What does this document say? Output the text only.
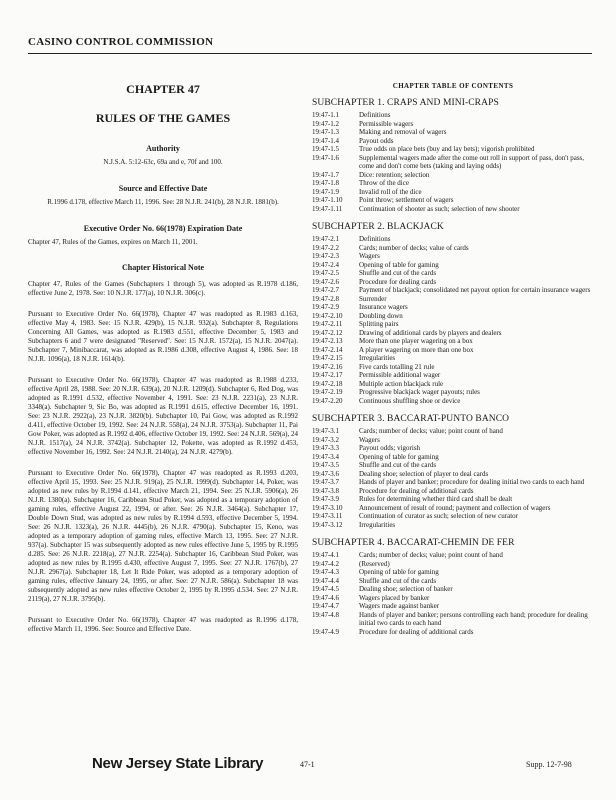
CASINO CONTROL COMMISSION
CHAPTER 47
RULES OF THE GAMES
Authority
N.J.S.A. 5:12-63c, 69a and e, 70f and 100.
Source and Effective Date
R.1996 d.178, effective March 11, 1996. See: 28 N.J.R. 241(b), 28 N.J.R. 1881(b).
Executive Order No. 66(1978) Expiration Date
Chapter 47, Rules of the Games, expires on March 11, 2001.
Chapter Historical Note
Chapter 47, Rules of the Games (Subchapters 1 through 5), was adopted as R.1978 d.186, effective June 2, 1978. See: 10 N.J.R. 177(a), 10 N.J.R. 306(c).
Pursuant to Executive Order No. 66(1978), Chapter 47 was readopted as R.1983 d.163, effective May 4, 1983. See: 15 N.J.R. 429(b), 15 N.J.R. 932(a). Subchapter 8, Regulations Concerning All Games, was adopted as R.1983 d.551, effective December 5, 1983 and Subchapters 6 and 7 were designated "Reserved". See: 15 N.J.R. 1572(a), 15 N.J.R. 2047(a). Subchapter 7, Minibaccarat, was adopted as R.1986 d.308, effective August 4, 1986. See: 18 N.J.R. 1096(a), 18 N.J.R. 1614(b).
Pursuant to Executive Order No. 66(1978), Chapter 47 was readopted as R.1988 d.233, effective April 28, 1988. See: 20 N.J.R. 639(a), 20 N.J.R. 1209(d). Subchapter 6, Red Dog, was adopted as R.1991 d.532, effective November 4, 1991. See: 23 N.J.R. 2231(a), 23 N.J.R. 3348(a). Subchapter 9, Sic Bo, was adopted as R.1991 d.615, effective December 16, 1991. See: 23 N.J.R. 2922(a), 23 N.J.R. 3820(b). Subchapter 10, Pai Gow, was adopted as R.1992 d.411, effective October 19, 1992. See: 24 N.J.R. 558(a), 24 N.J.R. 3753(a). Subchapter 11, Pai Gow Poker, was adopted as R.1992 d.406, effective October 19, 1992. See: 24 N.J.R. 569(a), 24 N.J.R. 1517(a), 24 N.J.R. 3742(a). Subchapter 12, Pokette, was adopted as R.1992 d.453, effective November 16, 1992. See: 24 N.J.R. 2140(a), 24 N.J.R. 4279(b).
Pursuant to Executive Order No. 66(1978), Chapter 47 was readopted as R.1993 d.203, effective April 15, 1993. See: 25 N.J.R. 919(a), 25 N.J.R. 1999(d). Subchapter 14, Poker, was adopted as new rules by R.1994 d.141, effective March 21, 1994. See: 25 N.J.R. 5906(a), 26 N.J.R. 1380(a). Subchapter 16, Caribbean Stud Poker, was adopted as a temporary adoption of gaming rules, effective August 22, 1994, or after. See: 26 N.J.R. 3464(a). Subchapter 17, Double Down Stud, was adopted as new rules by R.1994 d.593, effective December 5, 1994. See: 26 N.J.R. 1323(a), 26 N.J.R. 4445(b), 26 N.J.R. 4790(a). Subchapter 15, Keno, was adopted as a temporary adoption of gaming rules, effective March 13, 1995. See: 27 N.J.R. 937(a). Subchapter 15 was subsequently adopted as new rules effective June 5, 1995 by R.1995 d.285. See: 26 N.J.R. 2218(a), 27 N.J.R. 2254(a). Subchapter 16, Caribbean Stud Poker, was adopted as new rules by R.1995 d.430, effective August 7, 1995. See: 27 N.J.R. 1767(b), 27 N.J.R. 2967(a). Subchapter 18, Let It Ride Poker, was adopted as a temporary adoption of gaming rules, effective January 24, 1995, or after. See: 27 N.J.R. 586(a). Subchapter 18 was subsequently adopted as new rules effective October 2, 1995 by R.1995 d.534. See: 27 N.J.R. 2119(a), 27 N.J.R. 3795(b).
Pursuant to Executive Order No. 66(1978), Chapter 47 was readopted as R.1996 d.178, effective March 11, 1996. See: Source and Effective Date.
CHAPTER TABLE OF CONTENTS
SUBCHAPTER 1. CRAPS AND MINI-CRAPS
19:47-1.1	Definitions
19:47-1.2	Permissible wagers
19:47-1.3	Making and removal of wagers
19:47-1.4	Payout odds
19:47-1.5	True odds on place bets (buy and lay bets); vigorish prohibited
19:47-1.6	Supplemental wagers made after the come out roll in support of pass, don't pass, come and don't come bets (taking and laying odds)
19:47-1.7	Dice: retention; selection
19:47-1.8	Throw of the dice
19:47-1.9	Invalid roll of the dice
19:47-1.10	Point throw; settlement of wagers
19:47-1.11	Continuation of shooter as such; selection of new shooter
SUBCHAPTER 2. BLACKJACK
19:47-2.1	Definitions
19:47-2.2	Cards; number of decks; value of cards
19:47-2.3	Wagers
19:47-2.4	Opening of table for gaming
19:47-2.5	Shuffle and cut of the cards
19:47-2.6	Procedure for dealing cards
19:47-2.7	Payment of blackjack; consolidated net payout option for certain insurance wagers
19:47-2.8	Surrender
19:47-2.9	Insurance wagers
19:47-2.10	Doubling down
19:47-2.11	Splitting pairs
19:47-2.12	Drawing of additional cards by players and dealers
19:47-2.13	More than one player wagering on a box
19:47-2.14	A player wagering on more than one box
19:47-2.15	Irregularities
19:47-2.16	Five cards totalling 21 rule
19:47-2.17	Permissible additional wager
19:47-2.18	Multiple action blackjack rule
19:47-2.19	Progressive blackjack wager payouts; rules
19:47-2.20	Continuous shuffling shoe or device
SUBCHAPTER 3. BACCARAT-PUNTO BANCO
19:47-3.1	Cards; number of decks; value; point count of hand
19:47-3.2	Wagers
19:47-3.3	Payout odds; vigorish
19:47-3.4	Opening of table for gaming
19:47-3.5	Shuffle and cut of the cards
19:47-3.6	Dealing shoe; selection of player to deal cards
19:47-3.7	Hands of player and banker; procedure for dealing initial two cards to each hand
19:47-3.8	Procedure for dealing of additional cards
19:47-3.9	Rules for determining whether third card shall be dealt
19:47-3.10	Announcement of result of round; payment and collection of wagers
19:47-3.11	Continuation of curator as such; selection of new curator
19:47-3.12	Irregularities
SUBCHAPTER 4. BACCARAT-CHEMIN DE FER
19:47-4.1	Cards; number of decks; value; point count of hand
19:47-4.2	(Reserved)
19:47-4.3	Opening of table for gaming
19:47-4.4	Shuffle and cut of the cards
19:47-4.5	Dealing shoe; selection of banker
19:47-4.6	Wagers placed by banker
19:47-4.7	Wagers made against banker
19:47-4.8	Hands of player and banker; persons controlling each hand; procedure for dealing initial two cards to each hand
19:47-4.9	Procedure for dealing of additional cards
New Jersey State Library	47-1	Supp. 12-7-98
